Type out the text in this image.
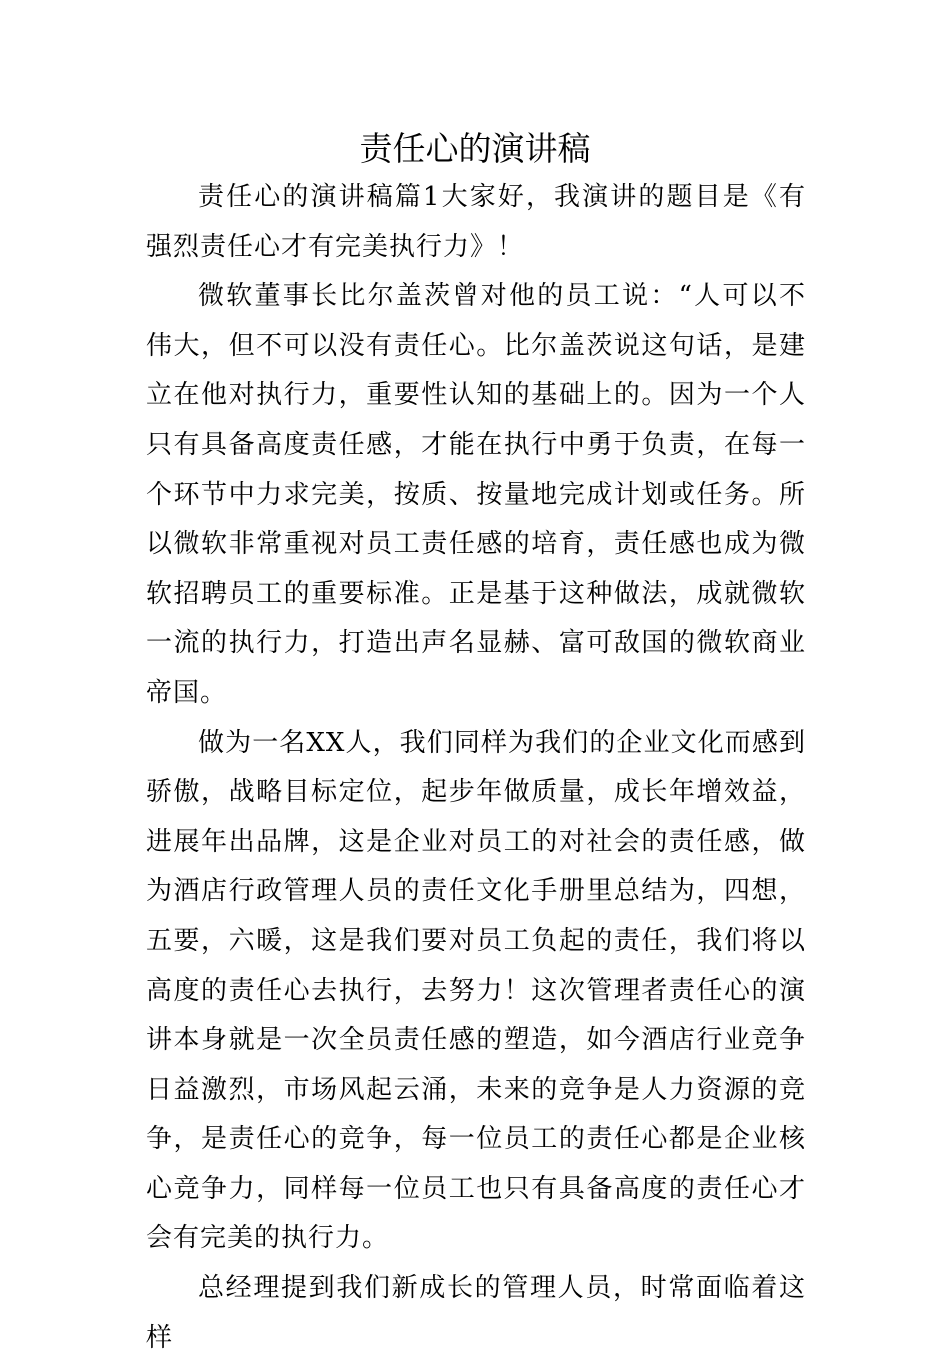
责任心的演讲稿

责任心的演讲稿篇1大家好，我演讲的题目是《有强烈责任心才有完美执行力》！

微软董事长比尔盖茨曾对他的员工说：“人可以不伟大，但不可以没有责任心。比尔盖茨说这句话，是建立在他对执行力，重要性认知的基础上的。因为一个人只有具备高度责任感，才能在执行中勇于负责，在每一个环节中力求完美，按质、按量地完成计划或任务。所以微软非常重视对员工责任感的培育，责任感也成为微软招聘员工的重要标准。正是基于这种做法，成就微软一流的执行力，打造出声名显赫、富可敌国的微软商业帝国。

做为一名XX人，我们同样为我们的企业文化而感到骄傲，战略目标定位，起步年做质量，成长年增效益，进展年出品牌，这是企业对员工的对社会的责任感，做为酒店行政管理人员的责任文化手册里总结为，四想，五要，六暖，这是我们要对员工负起的责任，我们将以高度的责任心去执行，去努力！这次管理者责任心的演讲本身就是一次全员责任感的塑造，如今酒店行业竞争日益激烈，市场风起云涌，未来的竞争是人力资源的竞争，是责任心的竞争，每一位员工的责任心都是企业核心竞争力，同样每一位员工也只有具备高度的责任心才会有完美的执行力。

总经理提到我们新成长的管理人员，时常面临着这样
